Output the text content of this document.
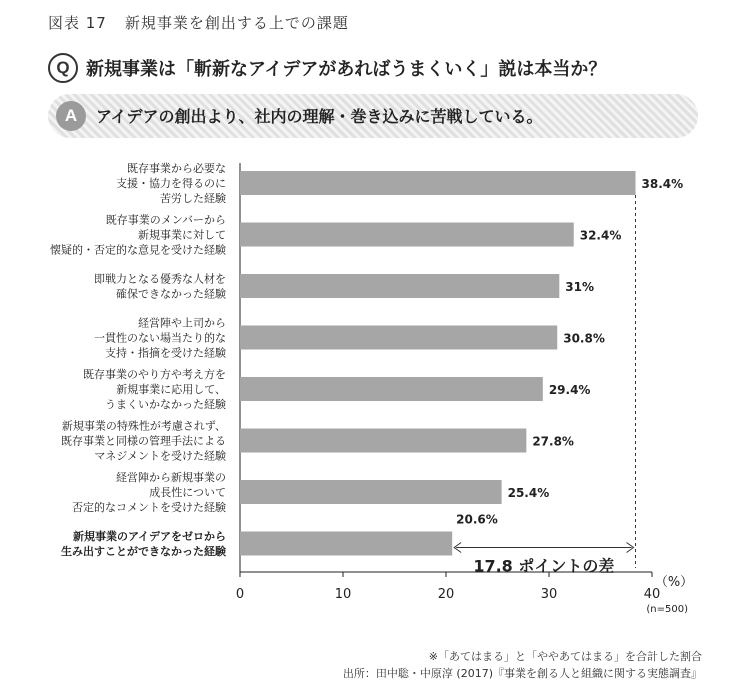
図表 17 新規事業を創出する上での課題
Q 新規事業は「斬新なアイデアがあればうまくいく」説は本当か？
A	アイデアの創出より、社内の理解・巻き込みに苦戦している。
0	10	20	30	40
（%）
(n=500)
38.4%
既存事業から必要な支援・協力を得るのに苦労した経験
32.4%
既存事業のメンバーから新規事業に対して懐疑的・否定的な意見を受けた経験
31%
即戦力となる優秀な人材を確保できなかった経験
30.8%
経営陣や上司から一貫性のない場当たり的な支持・指摘を受けた経験
29.4%
既存事業のやり方や考え方を新規事業に応用して、うまくいかなかった経験
27.8%
新規事業の特殊性が考慮されず、既存事業と同様の管理手法によるマネジメントを受けた経験
25.4%
経営陣から新規事業の成長性について否定的なコメントを受けた経験
20.6%
新規事業のアイデアをゼロから生み出すことができなかった経験
17.8 ポイントの差
※「あてはまる」と「ややあてはまる」を合計した割合
出所：田中聡・中原淳 (2017)『事業を創る人と組織に関する実態調査』
